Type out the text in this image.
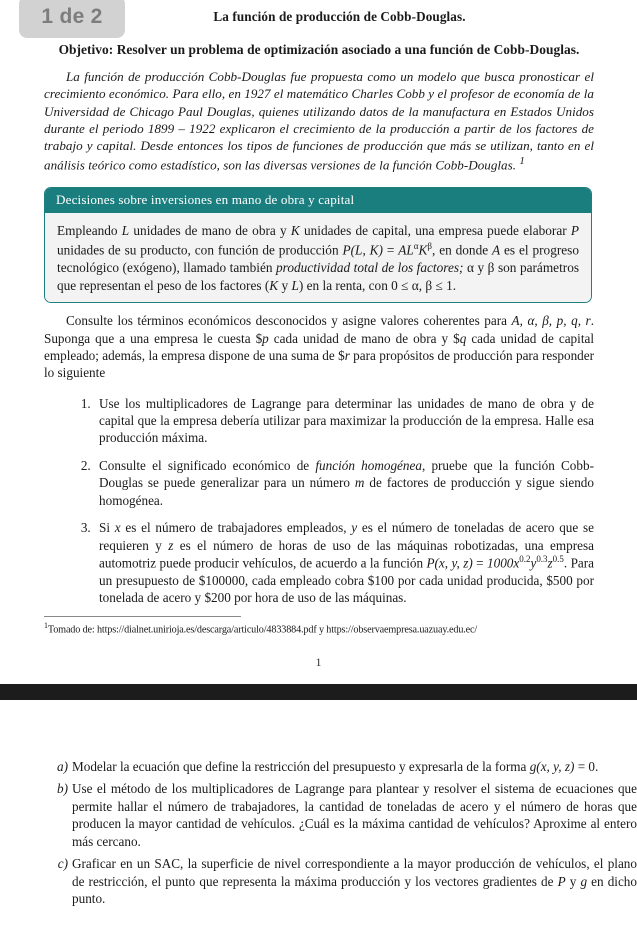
1 de 2	La función de producción de Cobb-Douglas.
Objetivo: Resolver un problema de optimización asociado a una función de Cobb-Douglas.

La función de producción Cobb-Douglas fue propuesta como un modelo que busca pronosticar el crecimiento económico. Para ello, en 1927 el matemático Charles Cobb y el profesor de economía de la Universidad de Chicago Paul Douglas, quienes utilizando datos de la manufactura en Estados Unidos durante el periodo 1899 – 1922 explicaron el crecimiento de la producción a partir de los factores de trabajo y capital. Desde entonces los tipos de funciones de producción que más se utilizan, tanto en el análisis teórico como estadístico, son las diversas versiones de la función Cobb-Douglas. $^1$

Decisiones sobre inversiones en mano de obra y capital
Empleando L unidades de mano de obra y K unidades de capital, una empresa puede elaborar P unidades de su producto, con función de producción P(L, $K) = AL^\alpha K^\beta$, en donde A es el progreso tecnológico (exógeno), llamado también productividad total de los factores; α y β son parámetros que representan el peso de los factores (K y L) en la renta, con 0 ≤ α, β ≤ 1.

Consulte los términos económicos desconocidos y asigne valores coherentes para A, α, β, p, q, r. Suponga que a una empresa le cuesta $p cada unidad de mano de obra y $q cada unidad de capital empleado; además, la empresa dispone de una suma de $r para propósitos de producción para responder lo siguiente

1. Use los multiplicadores de Lagrange para determinar las unidades de mano de obra y de capital que la empresa debería utilizar para maximizar la producción de la empresa. Halle esa producción máxima.
2. Consulte el significado económico de función homogénea, pruebe que la función Cobb-Douglas se puede generalizar para un número m de factores de producción y sigue siendo homogénea.
3. Si x es el número de trabajadores empleados, y es el número de toneladas de acero que se requieren y z es el número de horas de uso de las máquinas robotizadas, una empresa automotriz puede producir vehículos, de acuerdo a la función P(x, y, $z) = 1000x^{0.2}y^{0.3}z^{0.5}$. Para un presupuesto de $100000, cada empleado cobra $100 por cada unidad producida, $500 por tonelada de acero y $200 por hora de uso de las máquinas.
$^1$Tomado de: https://dialnet.unirioja.es/descarga/articulo/4833884.pdf y https://observaempresa.uazuay.edu.ec/
1
a) Modelar la ecuación que define la restricción del presupuesto y expresarla de la forma g(x, y, z) = 0.
b) Use el método de los multiplicadores de Lagrange para plantear y resolver el sistema de ecuaciones que permite hallar el número de trabajadores, la cantidad de toneladas de acero y el número de horas que producen la mayor cantidad de vehículos. ¿Cuál es la máxima cantidad de vehículos? Aproxime al entero más cercano.
c) Graficar en un SAC, la superficie de nivel correspondiente a la mayor producción de vehículos, el plano de restricción, el punto que representa la máxima producción y los vectores gradientes de P y g en dicho punto.
